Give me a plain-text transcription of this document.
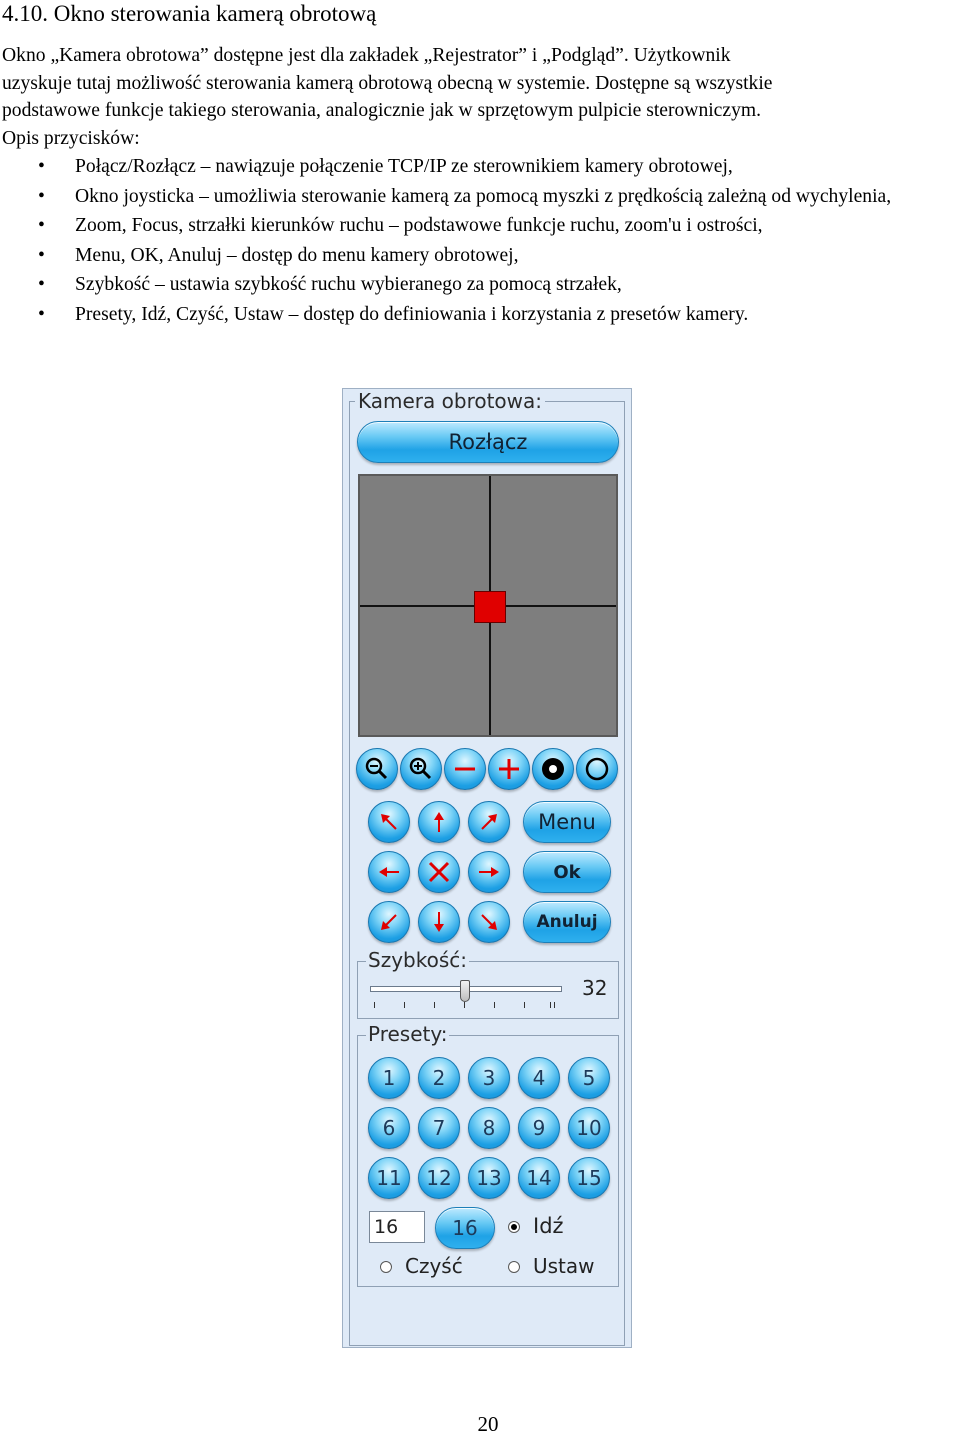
4.10. Okno sterowania kamerą obrotową

Okno „Kamera obrotowa” dostępne jest dla zakładek „Rejestrator” i „Podgląd”. Użytkownik

uzyskuje tutaj możliwość sterowania kamerą obrotową obecną w systemie. Dostępne są wszystkie

podstawowe funkcje takiego sterowania, analogicznie jak w sprzętowym pulpicie sterowniczym.

Opis przycisków:

• Połącz/Rozłącz – nawiązuje połączenie TCP/IP ze sterownikiem kamery obrotowej,
• Okno joysticka – umożliwia sterowanie kamerą za pomocą myszki z prędkością zależną od wychylenia,
• Zoom, Focus, strzałki kierunków ruchu – podstawowe funkcje ruchu, zoom'u i ostrości,
• Menu, OK, Anuluj – dostęp do menu kamery obrotowej,
• Szybkość – ustawia szybkość ruchu wybieranego za pomocą strzałek,
• Presety, Idź, Czyść, Ustaw – dostęp do definiowania i korzystania z presetów kamery.
Kamera obrotowa:
Rozłącz
Menu
Ok
Anuluj
Szybkość:
32
Presety:
1	2	3	4	5
6	7	8	9	10
11	12	13	14	15
16
16	Idź
Czyść	Ustaw
20
